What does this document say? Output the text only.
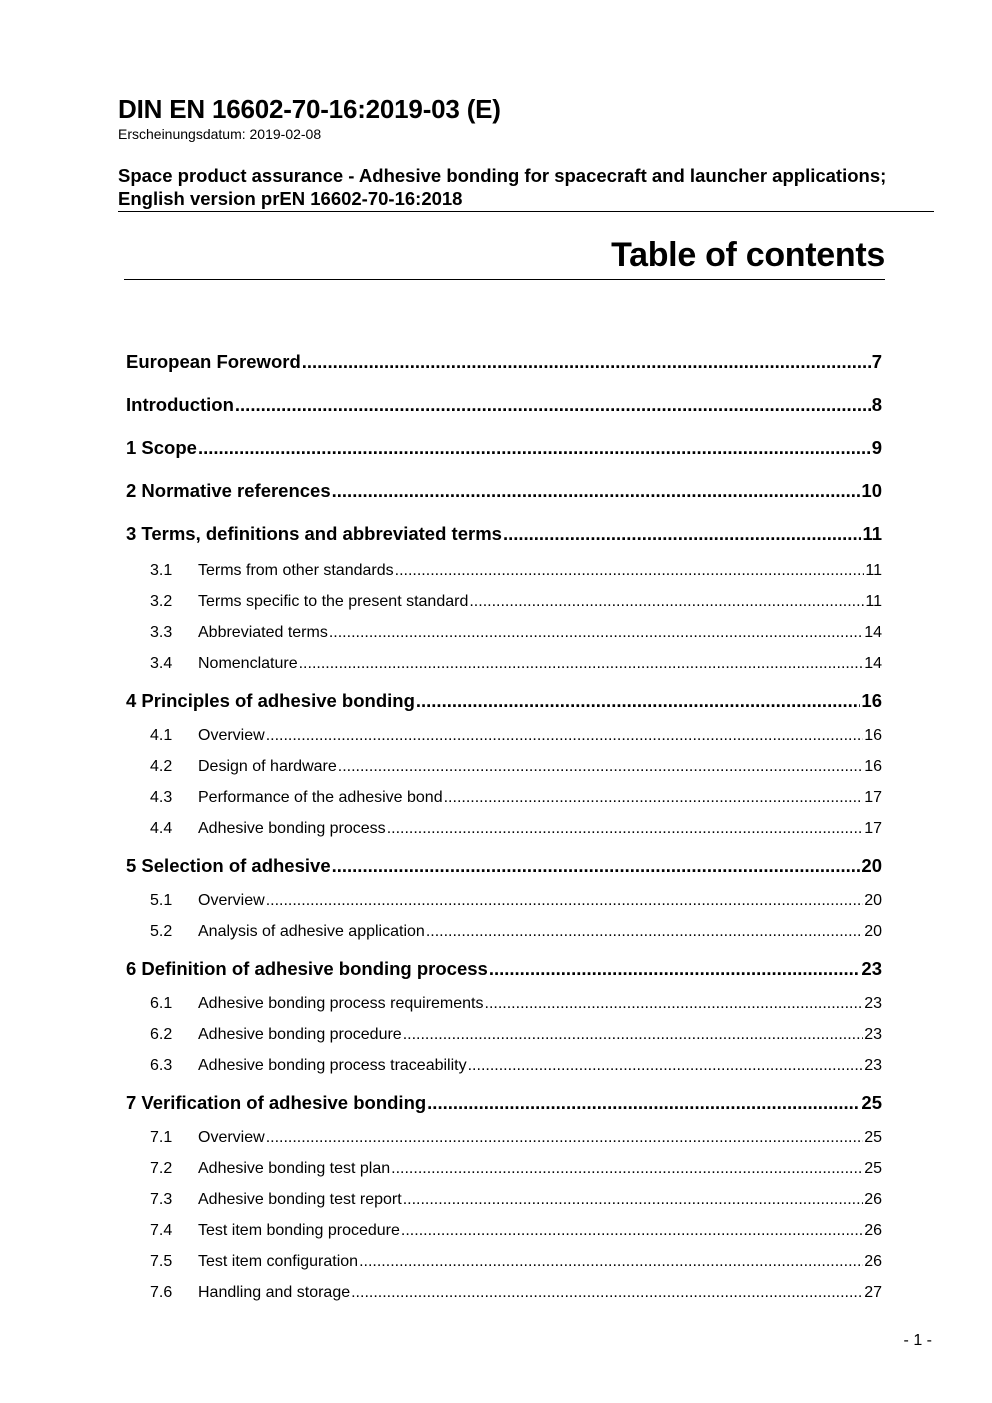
DIN EN 16602-70-16:2019-03 (E)
Erscheinungsdatum: 2019-02-08
Space product assurance - Adhesive bonding for spacecraft and launcher applications; English version prEN 16602-70-16:2018
Table of contents
European Foreword .....	7
Introduction .....	8
1 Scope .....	9
2 Normative references .....	10
3 Terms, definitions and abbreviated terms .....	11
3.1	Terms from other standards .....	11
3.2	Terms specific to the present standard .....	11
3.3	Abbreviated terms .....	14
3.4	Nomenclature .....	14
4 Principles of adhesive bonding .....	16
4.1	Overview .....	16
4.2	Design of hardware .....	16
4.3	Performance of the adhesive bond .....	17
4.4	Adhesive bonding process .....	17
5 Selection of adhesive .....	20
5.1	Overview .....	20
5.2	Analysis of adhesive application .....	20
6 Definition of adhesive bonding process .....	23
6.1	Adhesive bonding process requirements .....	23
6.2	Adhesive bonding procedure .....	23
6.3	Adhesive bonding process traceability .....	23
7 Verification of adhesive bonding .....	25
7.1	Overview .....	25
7.2	Adhesive bonding test plan .....	25
7.3	Adhesive bonding test report .....	26
7.4	Test item bonding procedure .....	26
7.5	Test item configuration .....	26
7.6	Handling and storage .....	27
- 1 -
